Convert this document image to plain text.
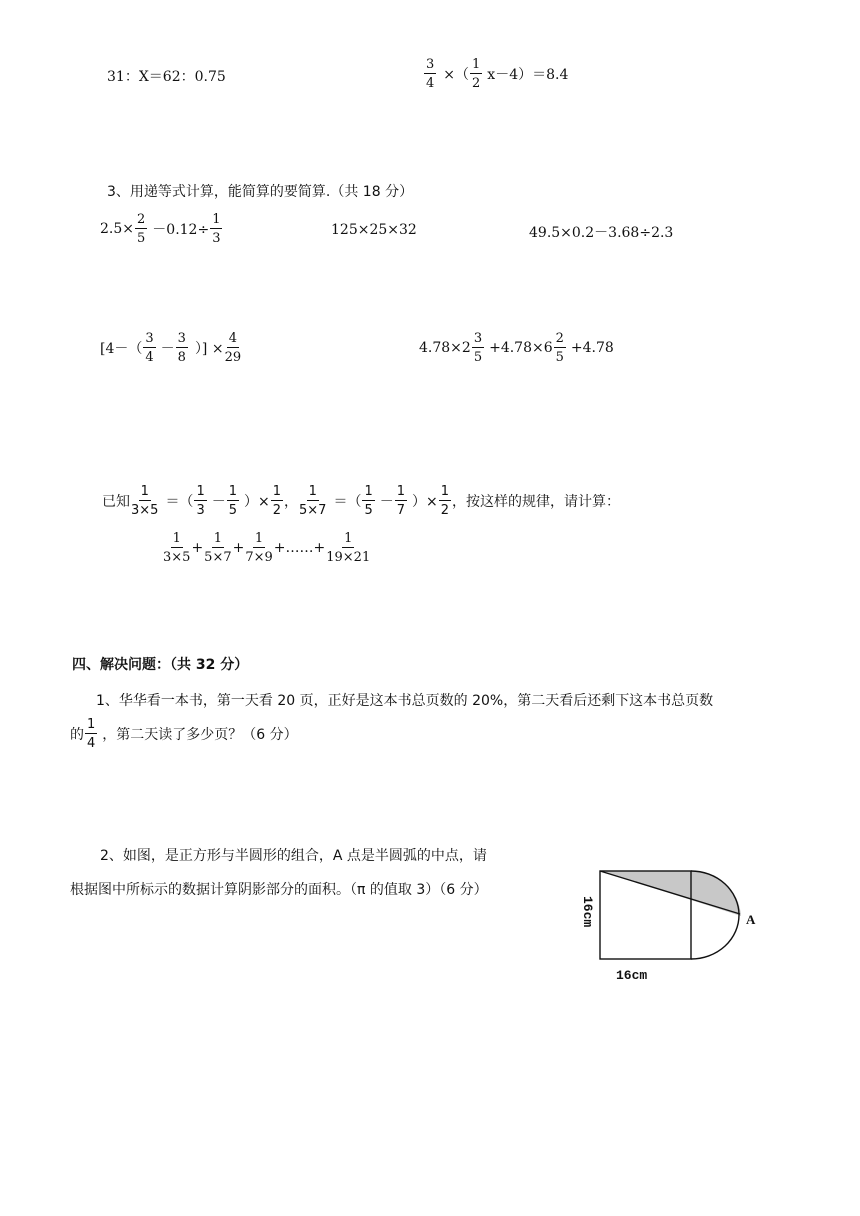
31：X＝62：0.75	$\frac{3}{4}$ ×（ $\frac{1}{2} x-4)=8.4$
3、用递等式计算，能简算的要简算.（共 18 分）
$2.5\times \frac{2}{5} -0.12\div \frac{1}{3}$	125×25×32	49.5×0.2－3.68÷2.3
[$4-( \frac{3}{4} - \frac{3}{8}$ ）] × $\frac{4}{29}$	$4.78\times 2 \frac{3}{5} +4.78\times 6 \frac{2}{5} +4.78$
已知 $\frac{1}{3\times 5}$ ＝（ $\frac{1}{3} - \frac{1}{5}$ ）× $\frac{1}{2}$ ， $\frac{1}{5\times 7}$ ＝（ $\frac{1}{5} - \frac{1}{7}$ ）× $\frac{1}{2}$ ，按这样的规律，请计算：
$\frac{1}{3\times 5} + \frac{1}{5\times 7} + \frac{1}{7\times 9}$ +……+ $\frac{1}{19\times 21}$
四、解决问题：（共 32 分）
1、华华看一本书，第一天看 20 页，正好是这本书总页数的 20%，第二天看后还剩下这本书总页数
的 $\frac{1}{4}$ ，第二天读了多少页？（6 分）
2、如图，是正方形与半圆形的组合，A 点是半圆弧的中点，请
根据图中所标示的数据计算阴影部分的面积。（π 的值取 3）（6 分）
A
16cm
16cm
